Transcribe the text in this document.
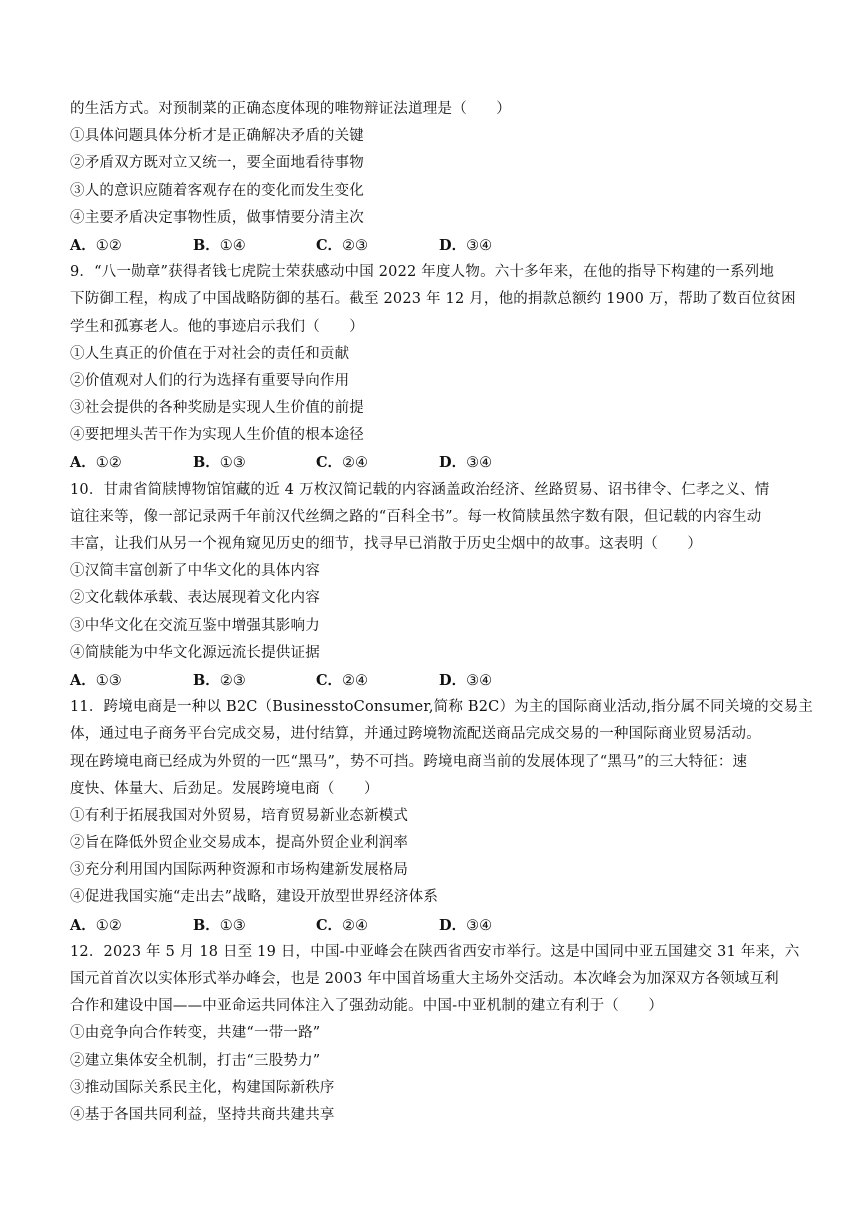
的生活方式。对预制菜的正确态度体现的唯物辩证法道理是（　　）
①具体问题具体分析才是正确解决矛盾的关键
②矛盾双方既对立又统一，要全面地看待事物
③人的意识应随着客观存在的变化而发生变化
④主要矛盾决定事物性质，做事情要分清主次
A．①②	B．①④	C．②③	D．③④
9．“八一勋章”获得者钱七虎院士荣获感动中国 2022 年度人物。六十多年来，在他的指导下构建的一系列地
下防御工程，构成了中国战略防御的基石。截至 2023 年 12 月，他的捐款总额约 1900 万，帮助了数百位贫困
学生和孤寡老人。他的事迹启示我们（　　）
①人生真正的价值在于对社会的责任和贡献
②价值观对人们的行为选择有重要导向作用
③社会提供的各种奖励是实现人生价值的前提
④要把埋头苦干作为实现人生价值的根本途径
A．①②	B．①③	C．②④	D．③④
10．甘肃省简牍博物馆馆藏的近 4 万枚汉简记载的内容涵盖政治经济、丝路贸易、诏书律令、仁孝之义、情
谊往来等，像一部记录两千年前汉代丝绸之路的“百科全书”。每一枚简牍虽然字数有限，但记载的内容生动
丰富，让我们从另一个视角窥见历史的细节，找寻早已消散于历史尘烟中的故事。这表明（　　）
①汉简丰富创新了中华文化的具体内容
②文化载体承载、表达展现着文化内容
③中华文化在交流互鉴中增强其影响力
④简牍能为中华文化源远流长提供证据
A．①③	B．②③	C．②④	D．③④
11．跨境电商是一种以 B2C（BusinesstoConsumer,简称 B2C）为主的国际商业活动,指分属不同关境的交易主
体，通过电子商务平台完成交易，进付结算，并通过跨境物流配送商品完成交易的一种国际商业贸易活动。
现在跨境电商已经成为外贸的一匹“黑马”，势不可挡。跨境电商当前的发展体现了“黑马”的三大特征：速
度快、体量大、后劲足。发展跨境电商（　　）
①有利于拓展我国对外贸易，培育贸易新业态新模式
②旨在降低外贸企业交易成本，提高外贸企业利润率
③充分利用国内国际两种资源和市场构建新发展格局
④促进我国实施“走出去”战略，建设开放型世界经济体系
A．①②	B．①③	C．②④	D．③④
12．2023 年 5 月 18 日至 19 日，中国-中亚峰会在陕西省西安市举行。这是中国同中亚五国建交 31 年来，六
国元首首次以实体形式举办峰会，也是 2003 年中国首场重大主场外交活动。本次峰会为加深双方各领域互利
合作和建设中国——中亚命运共同体注入了强劲动能。中国-中亚机制的建立有利于（　　）
①由竞争向合作转变，共建“一带一路”
②建立集体安全机制，打击“三股势力”
③推动国际关系民主化，构建国际新秩序
④基于各国共同利益，坚持共商共建共享
